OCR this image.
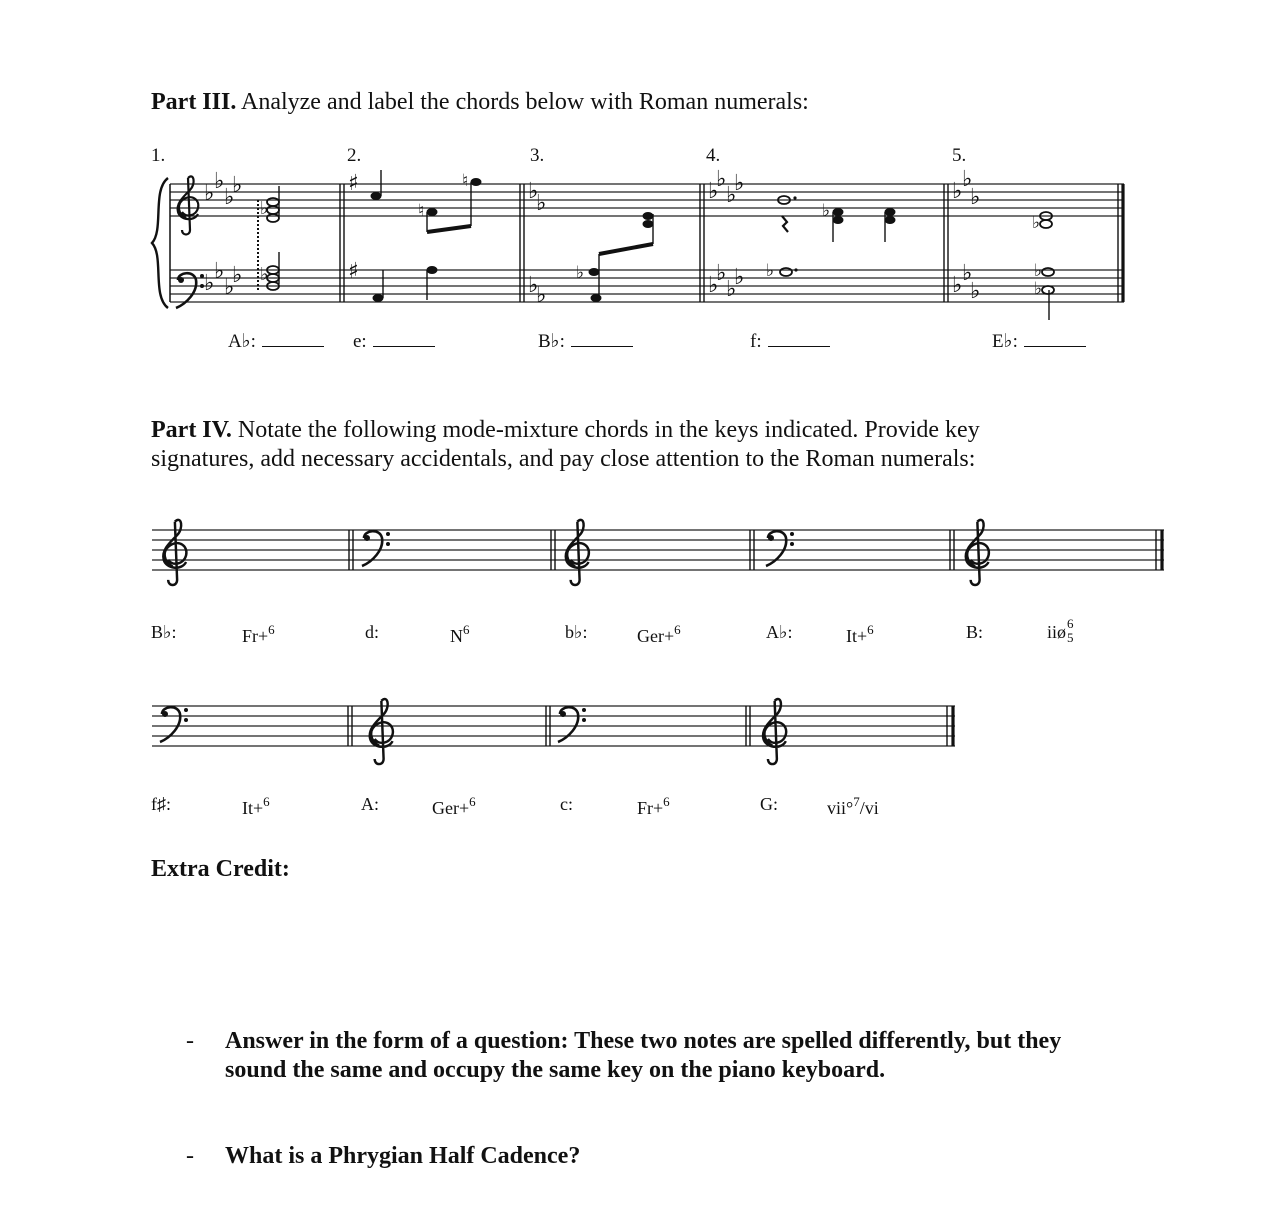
Part III. Analyze and label the chords below with Roman numerals:
1.	2.	3.	4.	5.
A♭:	e:	B♭:	f:	E♭:
Part IV. Notate the following mode-mixture chords in the keys indicated. Provide key
signatures, add necessary accidentals, and pay close attention to the Roman numerals:
B♭:	Fr+$^6$	d:	$N^6$	b♭:	Ger+$^6$	A♭:	It+$^6$	B:	iiø 6
5
f♯:	It+$^6$	A:	Ger+$^6$	c:	Fr+$^6$	G:	vii°$^7$/vi
Extra Credit:
- Answer in the form of a question: These two notes are spelled differently, but they
sound the same and occupy the same key on the piano keyboard.
- What is a Phrygian Half Cadence?
♭ ♭
♭
♭
♭ ♭
♭
♭
♯
♯
♭
♭
♭
♭
♭
♭
♭
♭
♭
♭
♭
♭
♭ ♭
♭
♭ ♭
♭
♭
♭
♮
♮
♭
♭
♭
♭
♭
♭
